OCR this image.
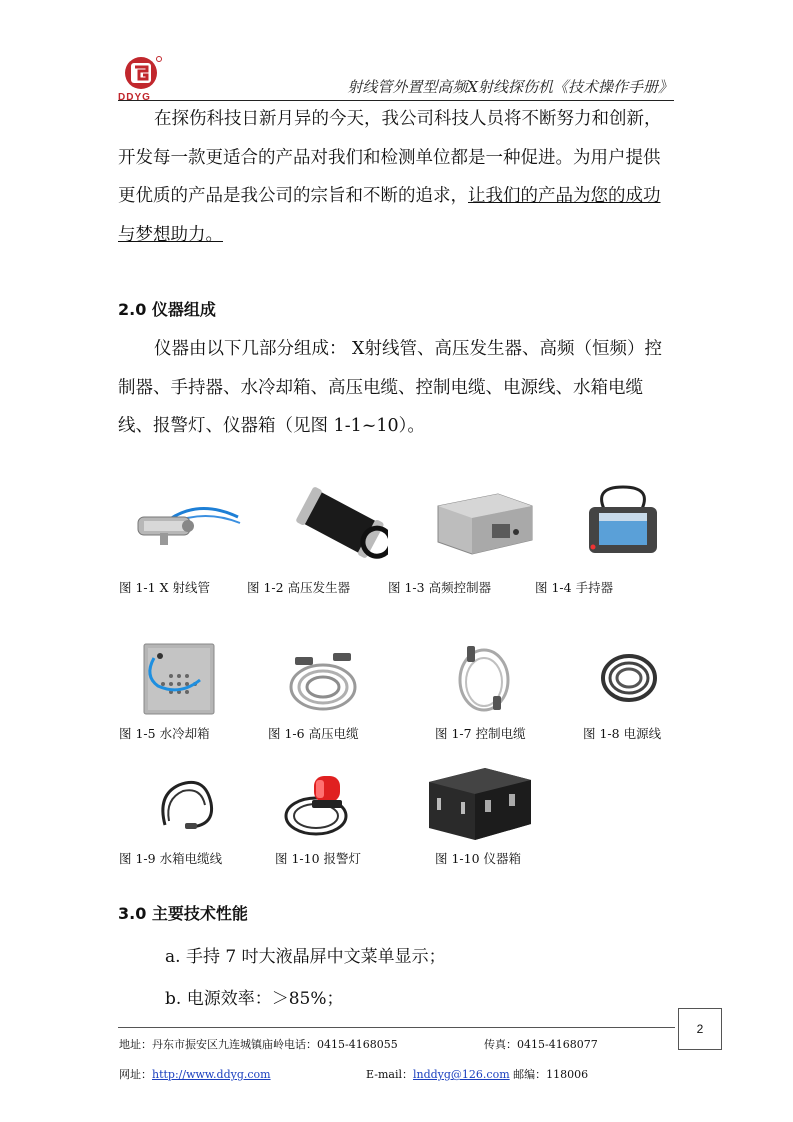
DDYG
射线管外置型高频X射线探伤机《技术操作手册》

在探伤科技日新月异的今天，我公司科技人员将不断努力和创新，开发每一款更适合的产品对我们和检测单位都是一种促进。为用户提供更优质的产品是我公司的宗旨和不断的追求，让我们的产品为您的成功与梦想助力。

2.0 仪器组成

仪器由以下几部分组成： X射线管、高压发生器、高频（恒频）控制器、手持器、水冷却箱、高压电缆、控制电缆、电源线、水箱电缆线、报警灯、仪器箱（见图 1-1~10）。

图 1-1 X 射线管	图 1-2 高压发生器	图 1-3 高频控制器	图 1-4 手持器
图 1-5 水冷却箱	图 1-6 高压电缆	图 1-7 控制电缆	图 1-8 电源线
图 1-9 水箱电缆线	图 1-10 报警灯	图 1-10 仪器箱
3.0 主要技术性能
a. 手持 7 吋大液晶屏中文菜单显示；
b. 电源效率：＞85%；
2
地址：丹东市振安区九连城镇庙岭电话：0415-4168055	传真：0415-4168077
网址：http://www.ddyg.com	E-mail：lnddyg@126.com 邮编：118006
